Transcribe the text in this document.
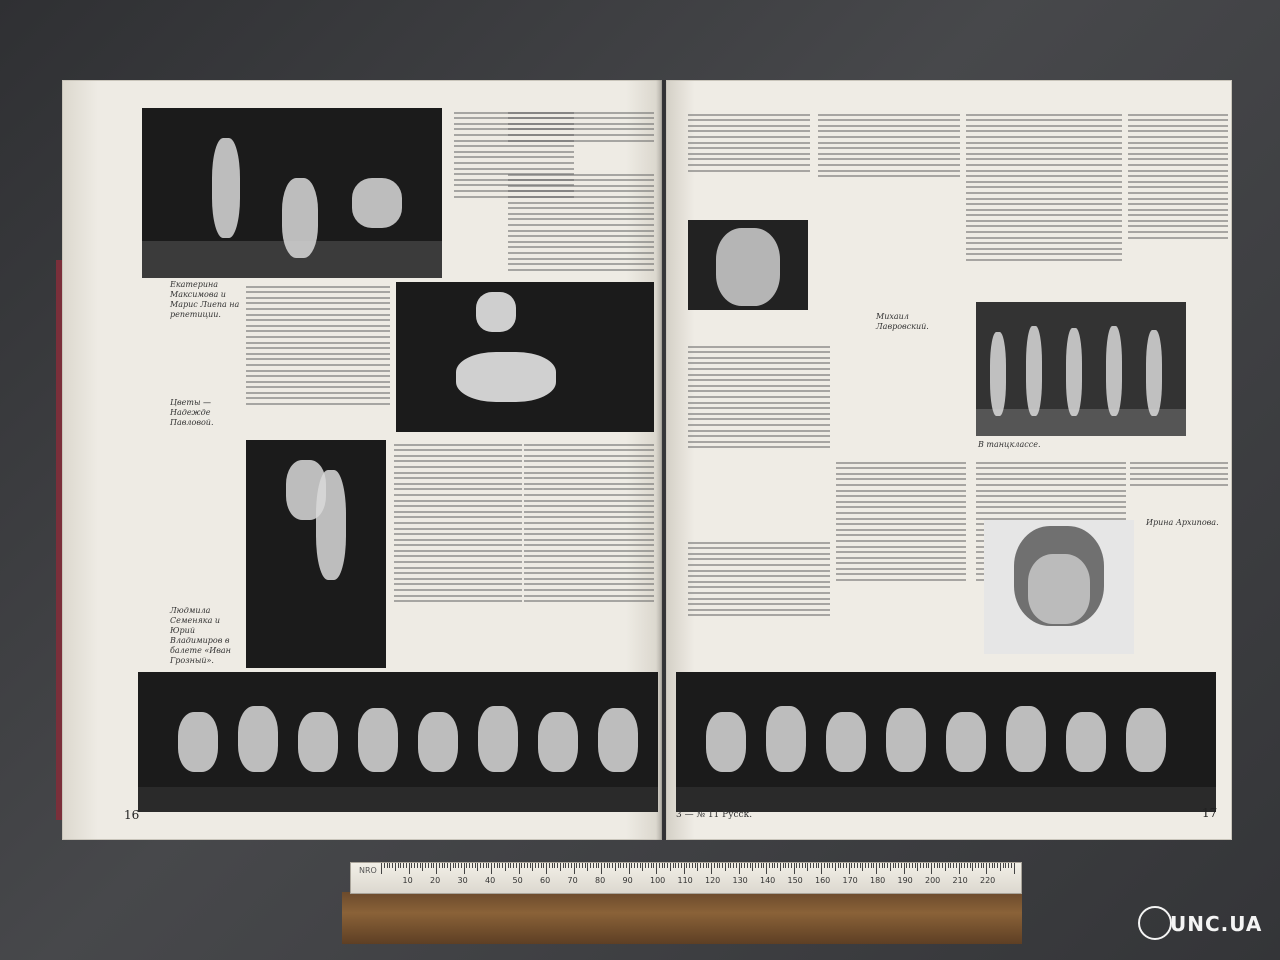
Екатерина Максимова и Марис Лиепа на репетиции.
Цветы — Надежде Павловой.
Людмила Семеняка и Юрий Владимиров в балете «Иван Грозный».
16
Михаил Лавровский.
В танцклассе.
Ирина Архипова.
3 — № 11 Русск.	17
NRO
10 20 30 40 50 60 70 80 90 100 110 120 130 140 150 160 170 180 190 200 210 220
UNC.UA
